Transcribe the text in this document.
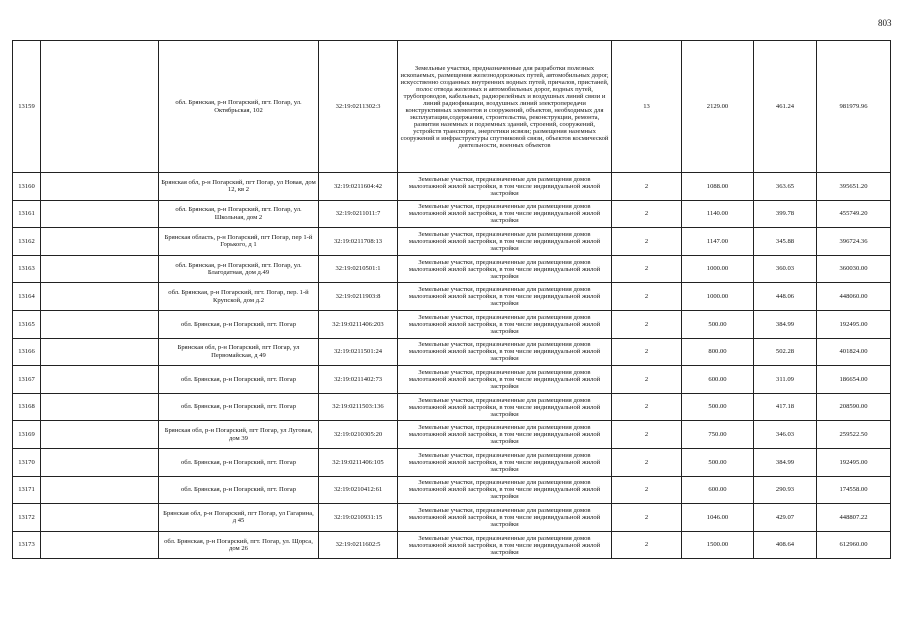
803
13159		обл. Брянская, р-н Погарский, пгт. Погар, ул. Октябрьская, 102	32:19:0211302:3	Земельные участки, предназначенные для разработки полезных ископаемых, размещения железнодорожных путей, автомобильных дорог, искусственно созданных внутренних водных путей, причалов, пристаней, полос отвода железных и автомобильных дорог, водных путей, трубопроводов, кабельных, радиорелейных и воздушных линий связи и линий радиофикации, воздушных линий электропередачи конструктивных элементов и сооружений, объектов, необходимых для эксплуатации,содержания, строительства, реконструкции, ремонта, развития наземных и подземных зданий, строений, сооружений, устройств транспорта, энергетики исвязи; размещения наземных сооружений и инфраструктуры спутниковой связи, объектов космической деятельности, военных объектов	13	2129.00	461.24	981979.96
13160		Брянская обл, р-н Погарский, пгт Погар, ул Новая, дом 12, кв 2	32:19:0211604:42	Земельные участки, предназначенные для размещения домов малоэтажной жилой застройки, в том числе индивидуальной жилой застройки	2	1088.00	363.65	395651.20
13161		обл. Брянская, р-н Погарский, пгт. Погар, ул. Школьная, дом 2	32:19:0211011:7	Земельные участки, предназначенные для размещения домов малоэтажной жилой застройки, в том числе индивидуальной жилой застройки	2	1140.00	399.78	455749.20
13162		Брянская область, р-н Погарский, пгт Погар, пер 1-й Горького, д 1	32:19:0211708:13	Земельные участки, предназначенные для размещения домов малоэтажной жилой застройки, в том числе индивидуальной жилой застройки	2	1147.00	345.88	396724.36
13163		обл. Брянская, р-н Погарский, пгт. Погар, ул. Благодатная, дом д.49	32:19:0210501:1	Земельные участки, предназначенные для размещения домов малоэтажной жилой застройки, в том числе индивидуальной жилой застройки	2	1000.00	360.03	360030.00
13164		обл. Брянская, р-н Погарский, пгт. Погар, пер. 1-й Крупской, дом д.2	32:19:0211903:8	Земельные участки, предназначенные для размещения домов малоэтажной жилой застройки, в том числе индивидуальной жилой застройки	2	1000.00	448.06	448060.00
13165		обл. Брянская, р-н Погарский, пгт. Погар	32:19:0211406:203	Земельные участки, предназначенные для размещения домов малоэтажной жилой застройки, в том числе индивидуальной жилой застройки	2	500.00	384.99	192495.00
13166		Брянская обл, р-н Погарский, пгт Погар, ул Первомайская, д 49	32:19:0211501:24	Земельные участки, предназначенные для размещения домов малоэтажной жилой застройки, в том числе индивидуальной жилой застройки	2	800.00	502.28	401824.00
13167		обл. Брянская, р-н Погарский, пгт. Погар	32:19:0211402:73	Земельные участки, предназначенные для размещения домов малоэтажной жилой застройки, в том числе индивидуальной жилой застройки	2	600.00	311.09	186654.00
13168		обл. Брянская, р-н Погарский, пгт. Погар	32:19:0211503:136	Земельные участки, предназначенные для размещения домов малоэтажной жилой застройки, в том числе индивидуальной жилой застройки	2	500.00	417.18	208590.00
13169		Брянская обл, р-н Погарский, пгт Погар, ул Луговая, дом 39	32:19:0210305:20	Земельные участки, предназначенные для размещения домов малоэтажной жилой застройки, в том числе индивидуальной жилой застройки	2	750.00	346.03	259522.50
13170		обл. Брянская, р-н Погарский, пгт. Погар	32:19:0211406:105	Земельные участки, предназначенные для размещения домов малоэтажной жилой застройки, в том числе индивидуальной жилой застройки	2	500.00	384.99	192495.00
13171		обл. Брянская, р-н Погарский, пгт. Погар	32:19:0210412:61	Земельные участки, предназначенные для размещения домов малоэтажной жилой застройки, в том числе индивидуальной жилой застройки	2	600.00	290.93	174558.00
13172		Брянская обл, р-н Погарский, пгт Погар, ул Гагарина, д 45	32:19:0210931:15	Земельные участки, предназначенные для размещения домов малоэтажной жилой застройки, в том числе индивидуальной жилой застройки	2	1046.00	429.07	448807.22
13173		обл. Брянская, р-н Погарский, пгт. Погар, ул. Щорса, дом 26	32:19:0211602:5	Земельные участки, предназначенные для размещения домов малоэтажной жилой застройки, в том числе индивидуальной жилой застройки	2	1500.00	408.64	612960.00
